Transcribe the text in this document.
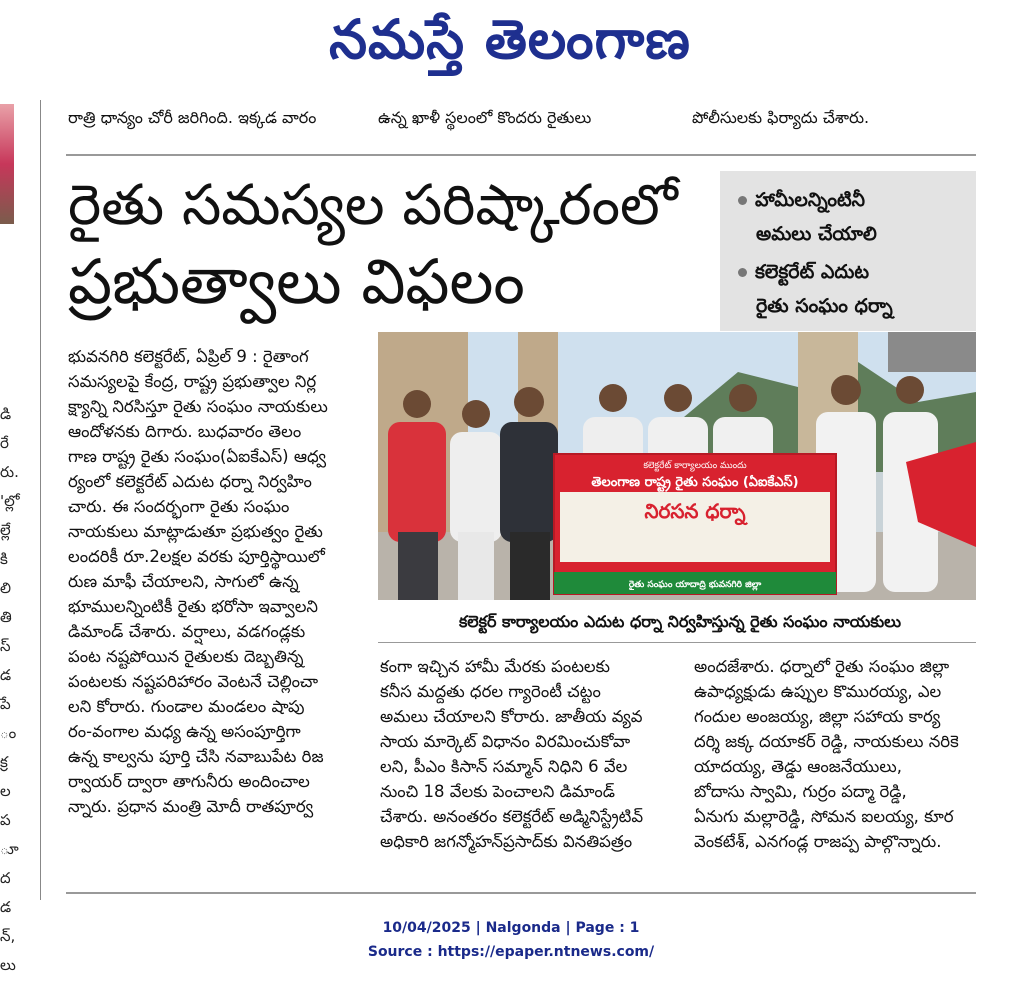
నమస్తే తెలంగాణ
డి
రే
రు.
'ల్లో
ల్లే
కి
లి
తి
స్
డ
పే
ం
క్ర
ల
ప
ూ
ద
డ
న్,
లు
రాత్రి ధాన్యం చోరీ జరిగింది. ఇక్కడ వారం	ఉన్న ఖాళీ స్థలంలో కొందరు రైతులు	పోలీసులకు ఫిర్యాదు చేశారు.
రైతు సమస్యల పరిష్కారంలో
ప్రభుత్వాలు విఫలం
హామీలన్నింటినీ
అమలు చేయాలి
కలెక్టరేట్ ఎదుట
రైతు సంఘం ధర్నా

భువనగిరి కలెక్టరేట్, ఏప్రిల్ 9 : రైతాంగ

సమస్యలపై కేంద్ర, రాష్ట్ర ప్రభుత్వాల నిర్ల

క్ష్యాన్ని నిరసిస్తూ రైతు సంఘం నాయకులు

ఆందోళనకు దిగారు. బుధవారం తెలం

గాణ రాష్ట్ర రైతు సంఘం(ఏఐకేఎస్) ఆధ్వ

ర్యంలో కలెక్టరేట్ ఎదుట ధర్నా నిర్వహిం

చారు. ఈ సందర్భంగా రైతు సంఘం

నాయకులు మాట్లాడుతూ ప్రభుత్వం రైతు

లందరికీ రూ.2లక్షల వరకు పూర్తిస్థాయిలో

రుణ మాఫీ చేయాలని, సాగులో ఉన్న

భూములన్నింటికీ రైతు భరోసా ఇవ్వాలని

డిమాండ్ చేశారు. వర్షాలు, వడగండ్లకు

పంట నష్టపోయిన రైతులకు దెబ్బతిన్న

పంటలకు నష్టపరిహారం వెంటనే చెల్లించా

లని కోరారు. గుండాల మండలం షాపు

రం-వంగాల మధ్య ఉన్న అసంపూర్తిగా

ఉన్న కాల్వను పూర్తి చేసి నవాబుపేట రిజ

ర్వాయర్ ద్వారా తాగునీరు అందించాల

న్నారు. ప్రధాన మంత్రి మోదీ రాతపూర్వ

కలెక్టరేట్ కార్యాలయం ముందు
తెలంగాణ రాష్ట్ర రైతు సంఘం (ఏఐకేఎస్)
నిరసన ధర్నా
రైతు సంఘం యాదాద్రి భువనగిరి జిల్లా
కలెక్టర్ కార్యాలయం ఎదుట ధర్నా నిర్వహిస్తున్న రైతు సంఘం నాయకులు

కంగా ఇచ్చిన హామీ మేరకు పంటలకు

కనీస మద్దతు ధరల గ్యారెంటీ చట్టం

అమలు చేయాలని కోరారు. జాతీయ వ్యవ

సాయ మార్కెట్ విధానం విరమించుకోవా

లని, పీఎం కిసాన్ సమ్మాన్ నిధిని 6 వేల

నుంచి 18 వేలకు పెంచాలని డిమాండ్

చేశారు. అనంతరం కలెక్టరేట్ అడ్మినిస్ట్రేటివ్

అధికారి జగన్మోహన్‌ప్రసాద్‌కు వినతిపత్రం

అందజేశారు. ధర్నాలో రైతు సంఘం జిల్లా

ఉపాధ్యక్షుడు ఉప్పుల కొమురయ్య, ఎల

గందుల అంజయ్య, జిల్లా సహాయ కార్య

దర్శి జక్క దయాకర్ రెడ్డి, నాయకులు నరికె

యాదయ్య, తెడ్డు ఆంజనేయులు,

బోదాసు స్వామి, గుర్రం పద్మా రెడ్డి,

ఏనుగు మల్లారెడ్డి, సోమన ఐలయ్య, కూర

వెంకటేశ్, ఎనగండ్ల రాజప్ప పాల్గొన్నారు.

10/04/2025 | Nalgonda | Page : 1
Source : https://epaper.ntnews.com/
